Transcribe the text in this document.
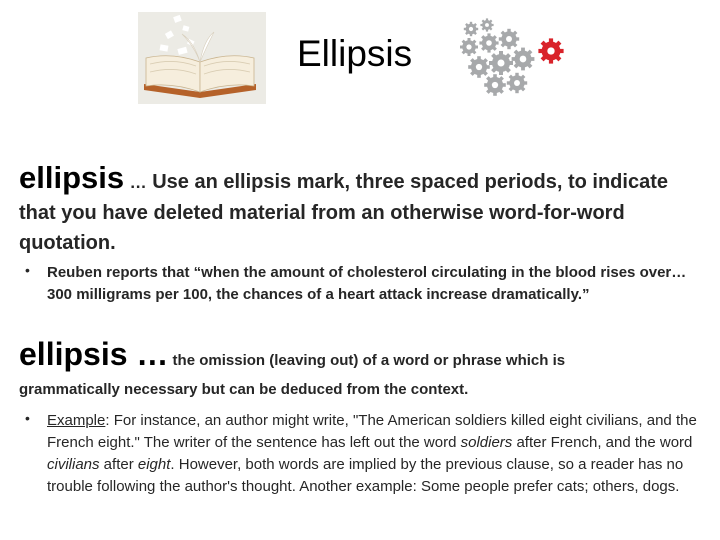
Ellipsis
ellipsis … Use an ellipsis mark, three spaced periods, to indicate that you have deleted material from an otherwise word-for-word quotation.
• Reuben reports that “when the amount of cholesterol circulating in the blood rises over… 300 milligrams per 100, the chances of a heart attack increase dramatically.”
ellipsis … the omission (leaving out) of a word or phrase which is
grammatically necessary but can be deduced from the context.
• Example: For instance, an author might write, "The American soldiers killed eight civilians, and the French eight." The writer of the sentence has left out the word soldiers after French, and the word civilians after eight. However, both words are implied by the previous clause, so a reader has no trouble following the author's thought. Another example: Some people prefer cats; others, dogs.
